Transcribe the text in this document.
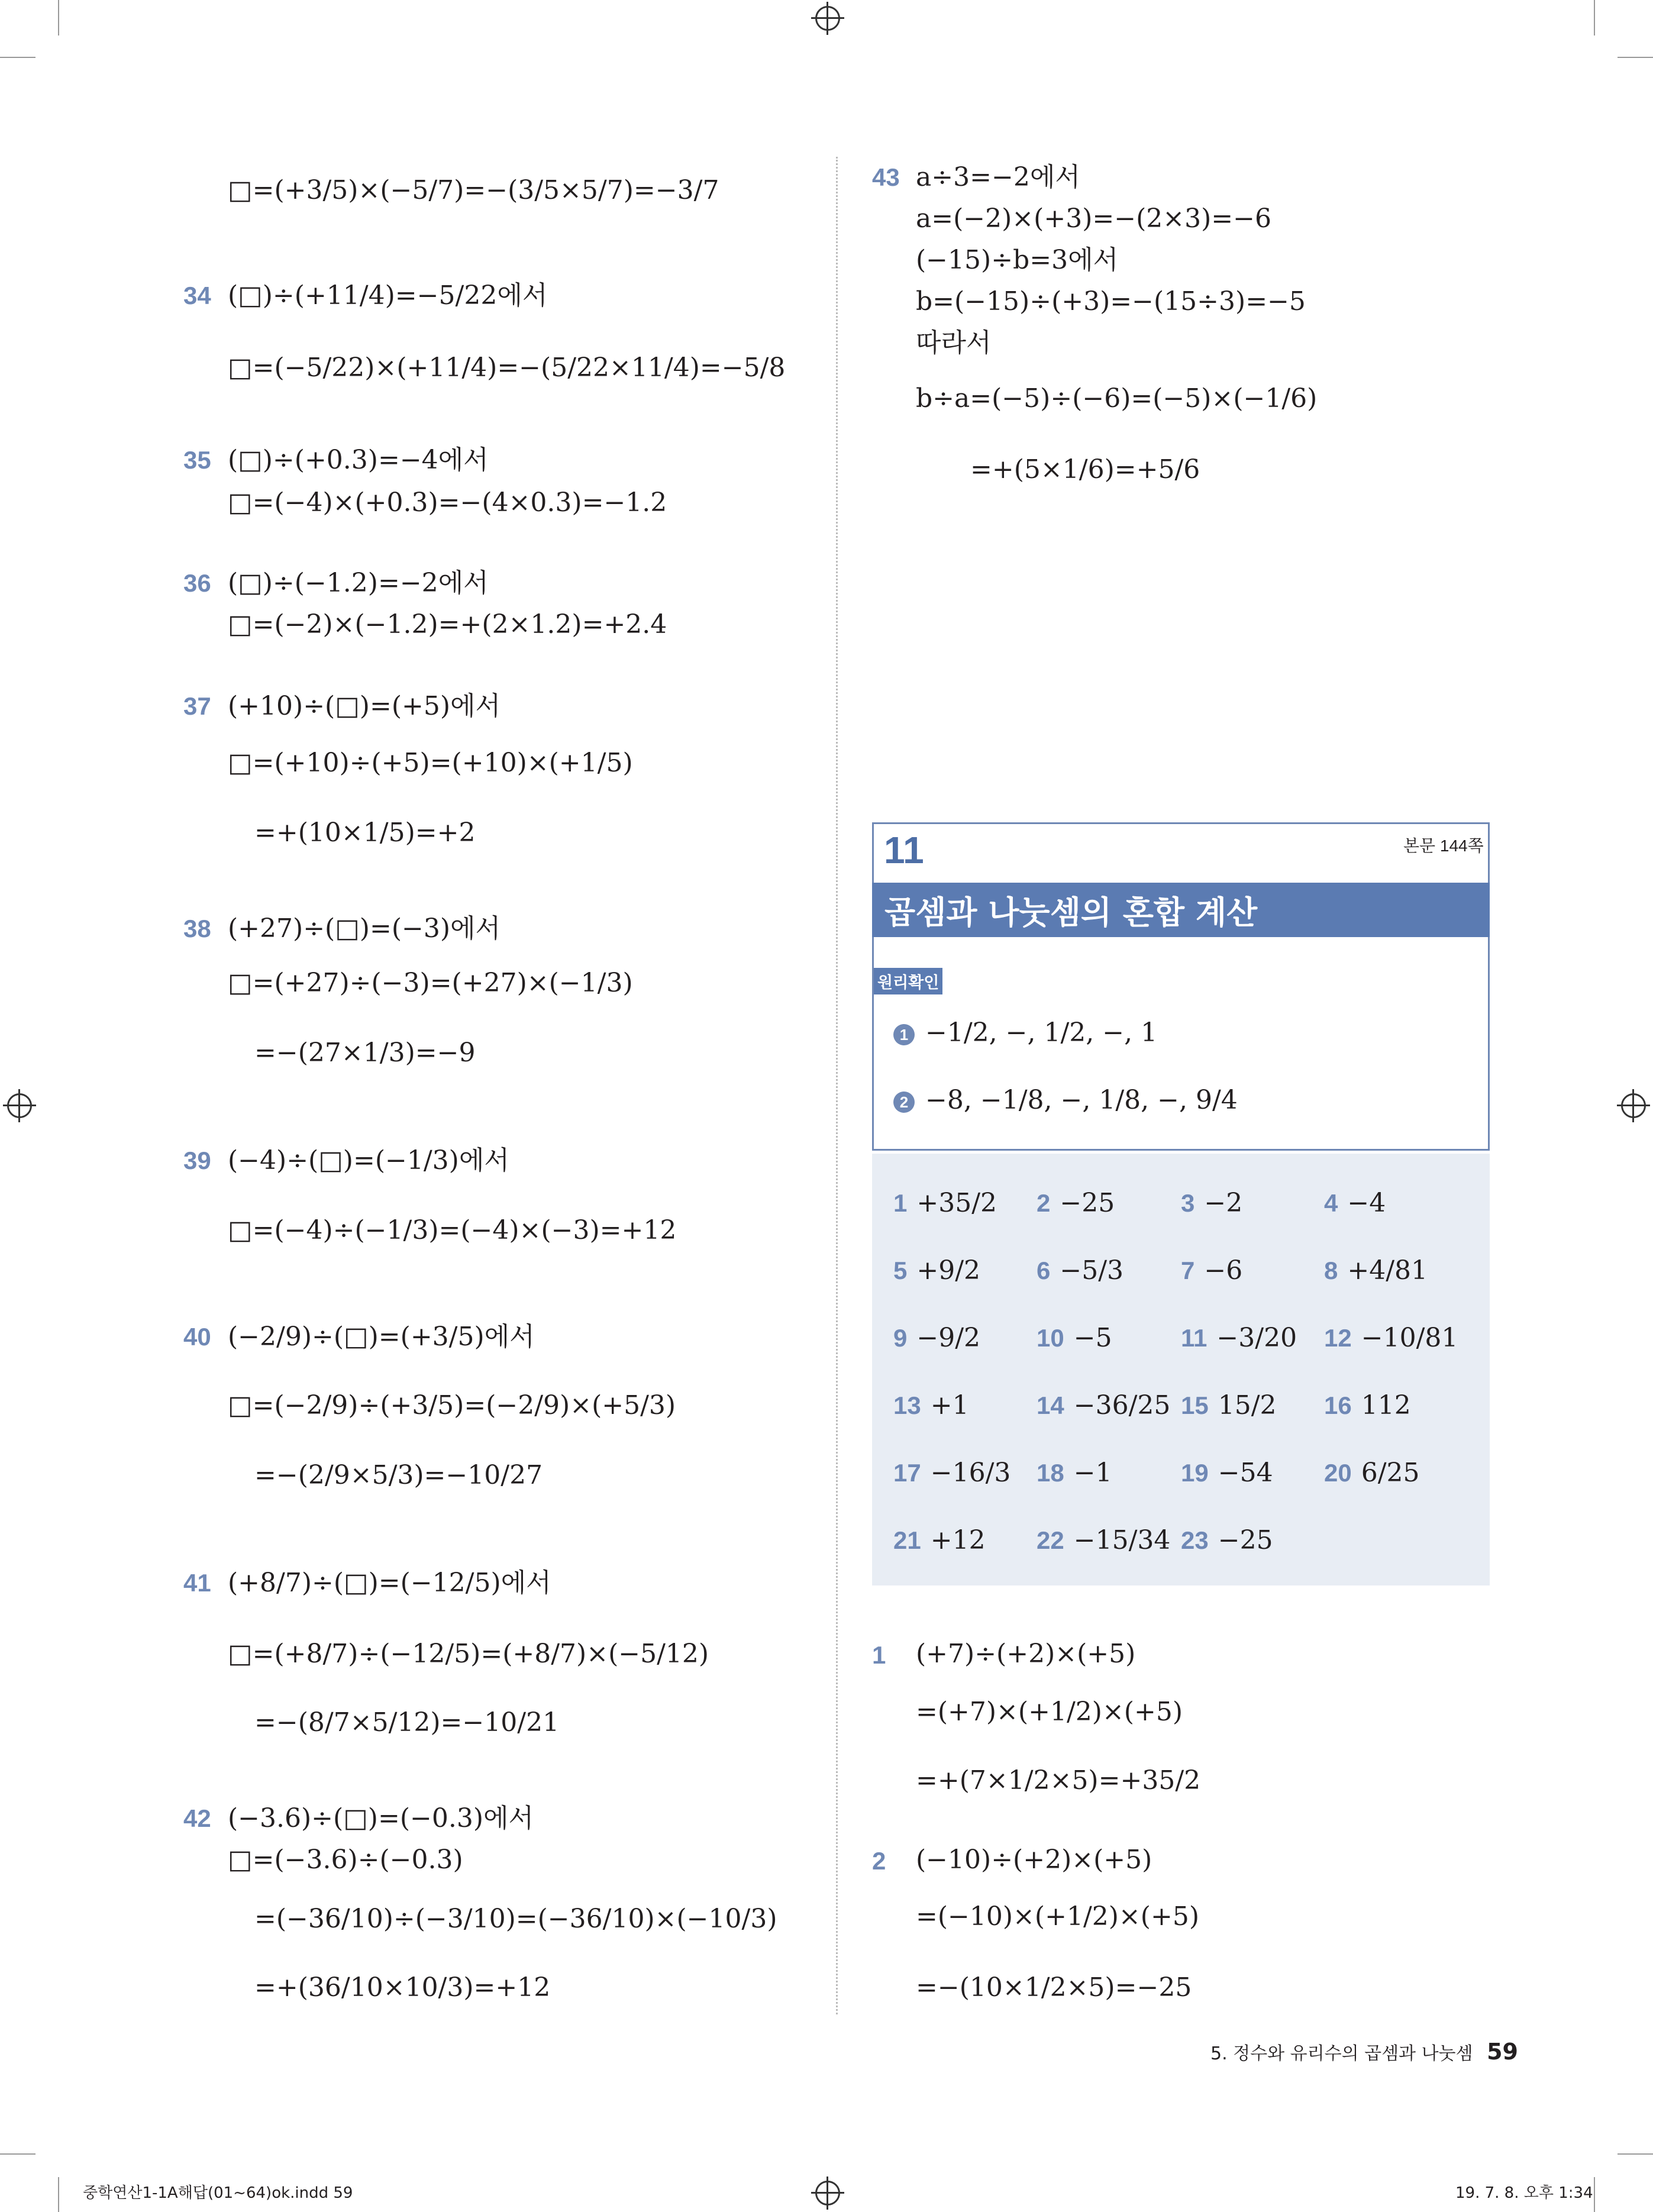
□=(+3/5)×(−5/7)=−(3/5×5/7)=−3/7
34 (□)÷(+11/4)=−5/22에서
□=(−5/22)×(+11/4)=−(5/22×11/4)=−5/8
35 (□)÷(+0.3)=−4에서
□=(−4)×(+0.3)=−(4×0.3)=−1.2
36 (□)÷(−1.2)=−2에서
□=(−2)×(−1.2)=+(2×1.2)=+2.4
37 (+10)÷(□)=(+5)에서
□=(+10)÷(+5)=(+10)×(+1/5)
=+(10×1/5)=+2
38 (+27)÷(□)=(−3)에서
□=(+27)÷(−3)=(+27)×(−1/3)
=−(27×1/3)=−9
39 (−4)÷(□)=(−1/3)에서
□=(−4)÷(−1/3)=(−4)×(−3)=+12
40 (−2/9)÷(□)=(+3/5)에서
□=(−2/9)÷(+3/5)=(−2/9)×(+5/3)
=−(2/9×5/3)=−10/27
41 (+8/7)÷(□)=(−12/5)에서
□=(+8/7)÷(−12/5)=(+8/7)×(−5/12)
=−(8/7×5/12)=−10/21
42 (−3.6)÷(□)=(−0.3)에서
□=(−3.6)÷(−0.3)
=(−36/10)÷(−3/10)=(−36/10)×(−10/3)
=+(36/10×10/3)=+12
43 a÷3=−2에서
a=(−2)×(+3)=−(2×3)=−6
(−15)÷b=3에서
b=(−15)÷(+3)=−(15÷3)=−5
따라서
b÷a=(−5)÷(−6)=(−5)×(−1/6)
=+(5×1/6)=+5/6
11	본문 144쪽
곱셈과 나눗셈의 혼합 계산
원리확인
1 −1/2, −, 1/2, −, 1
2 −8, −1/8, −, 1/8, −, 9/4
1 +35/2 2 −25	3 −2	4 −4
5 +9/2 6 −5/3 7 −6	8 +4/81
9 −9/2 10 −5	11 −3/20 12 −10/81
13 +1	14 −36/25 15 15/2 16 112
17 −16/3 18 −1	19 −54 20 6/25
21 +12 22 −15/34 23 −25
1 (+7)÷(+2)×(+5)
=(+7)×(+1/2)×(+5)
=+(7×1/2×5)=+35/2
2 (−10)÷(+2)×(+5)
=(−10)×(+1/2)×(+5)
=−(10×1/2×5)=−25
5. 정수와 유리수의 곱셈과 나눗셈 59
중학연산1-1A해답(01~64)ok.indd 59	19. 7. 8. 오후 1:34
